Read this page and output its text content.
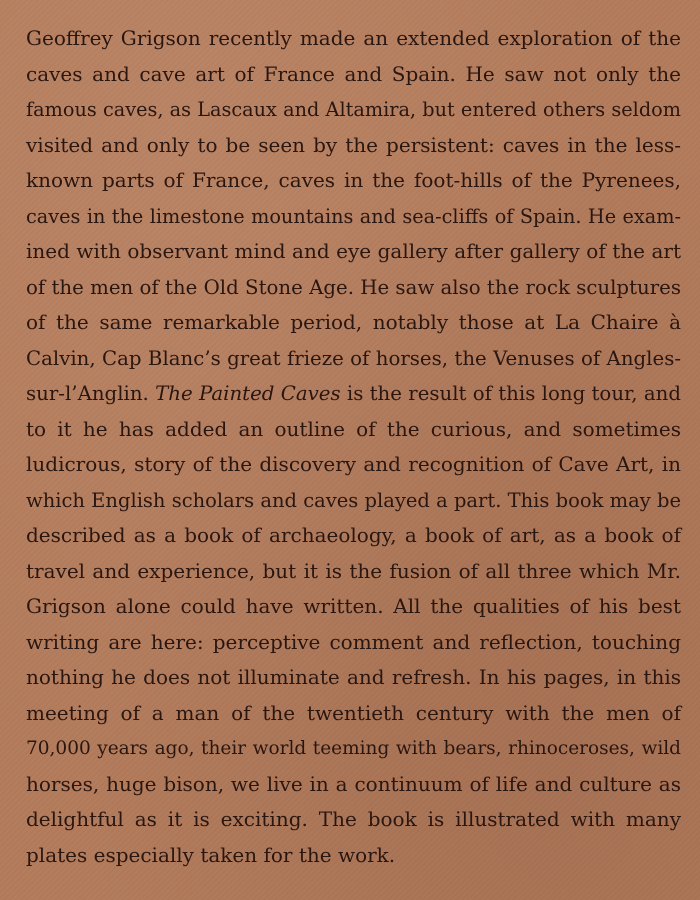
Geoffrey Grigson recently made an extended exploration of the
caves and cave art of France and Spain. He saw not only the
famous caves, as Lascaux and Altamira, but entered others seldom
visited and only to be seen by the persistent: caves in the less-
known parts of France, caves in the foot-hills of the Pyrenees,
caves in the limestone mountains and sea-cliffs of Spain. He exam-
ined with observant mind and eye gallery after gallery of the art
of the men of the Old Stone Age. He saw also the rock sculptures
of the same remarkable period, notably those at La Chaire à
Calvin, Cap Blanc’s great frieze of horses, the Venuses of Angles-
sur-l’Anglin. The Painted Caves is the result of this long tour, and
to it he has added an outline of the curious, and sometimes
ludicrous, story of the discovery and recognition of Cave Art, in
which English scholars and caves played a part. This book may be
described as a book of archaeology, a book of art, as a book of
travel and experience, but it is the fusion of all three which Mr.
Grigson alone could have written. All the qualities of his best
writing are here: perceptive comment and reflection, touching
nothing he does not illuminate and refresh. In his pages, in this
meeting of a man of the twentieth century with the men of
70,000 years ago, their world teeming with bears, rhinoceroses, wild
horses, huge bison, we live in a continuum of life and culture as
delightful as it is exciting. The book is illustrated with many
plates especially taken for the work.
